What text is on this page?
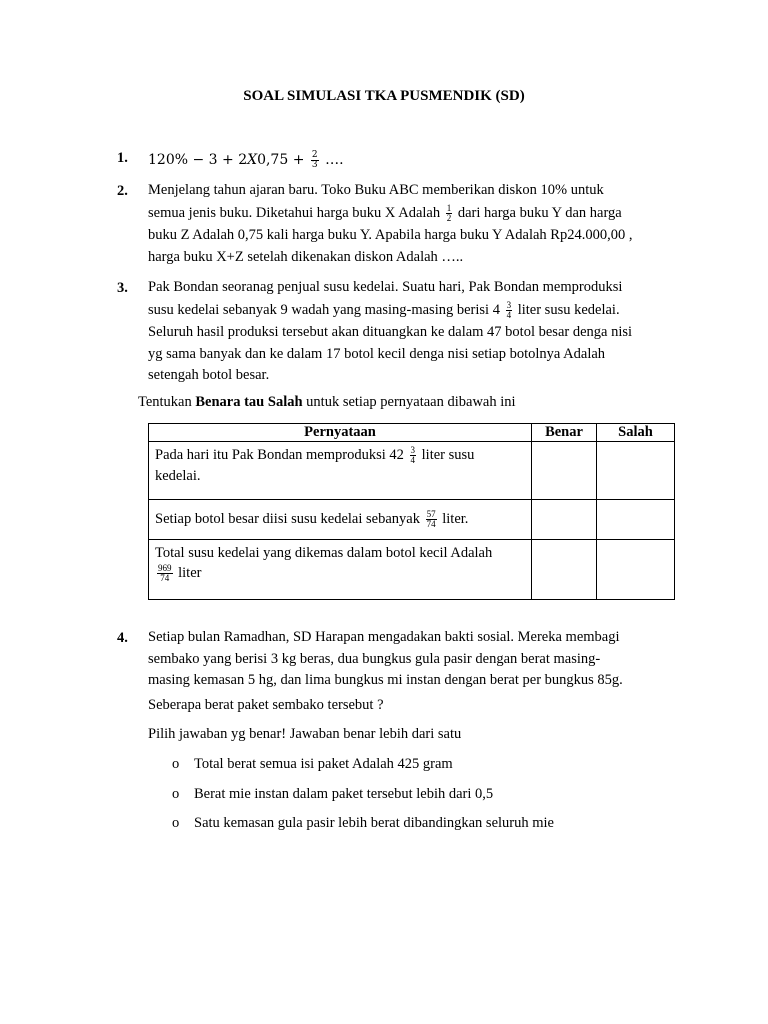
SOAL SIMULASI TKA PUSMENDIK (SD)
1. $120\% - 3 + 2X0,75 + \frac{2}{3}$ ….
2. Menjelang tahun ajaran baru. Toko Buku ABC memberikan diskon 10% untuk
semua jenis buku. Diketahui harga buku X Adalah $\frac{1}{2}$ dari harga buku Y dan harga
buku Z Adalah 0,75 kali harga buku Y. Apabila harga buku Y Adalah Rp24.000,00 ,
harga buku X+Z setelah dikenakan diskon Adalah …..
3. Pak Bondan seoranag penjual susu kedelai. Suatu hari, Pak Bondan memproduksi
susu kedelai sebanyak 9 wadah yang masing-masing berisi $4 \frac{3}{4}$ liter susu kedelai.
Seluruh hasil produksi tersebut akan dituangkan ke dalam 47 botol besar denga nisi
yg sama banyak dan ke dalam 17 botol kecil denga nisi setiap botolnya Adalah
setengah botol besar.
Tentukan Benara tau Salah untuk setiap pernyataan dibawah ini
Pernyataan	Benar	Salah
Pada hari itu Pak Bondan memproduksi $42 \frac{3}{4}$ liter susu
kedelai.		
Setiap botol besar diisi susu kedelai sebanyak $\frac{57}{74}$ liter.		
Total susu kedelai yang dikemas dalam botol kecil Adalah

$\frac{969}{74}$ liter		
4. Setiap bulan Ramadhan, SD Harapan mengadakan bakti sosial. Mereka membagi
sembako yang berisi 3 kg beras, dua bungkus gula pasir dengan berat masing-
masing kemasan 5 hg, dan lima bungkus mi instan dengan berat per bungkus 85g.
Seberapa berat paket sembako tersebut ?
Pilih jawaban yg benar! Jawaban benar lebih dari satu
o Total berat semua isi paket Adalah 425 gram
o Berat mie instan dalam paket tersebut lebih dari 0,5
o Satu kemasan gula pasir lebih berat dibandingkan seluruh mie
